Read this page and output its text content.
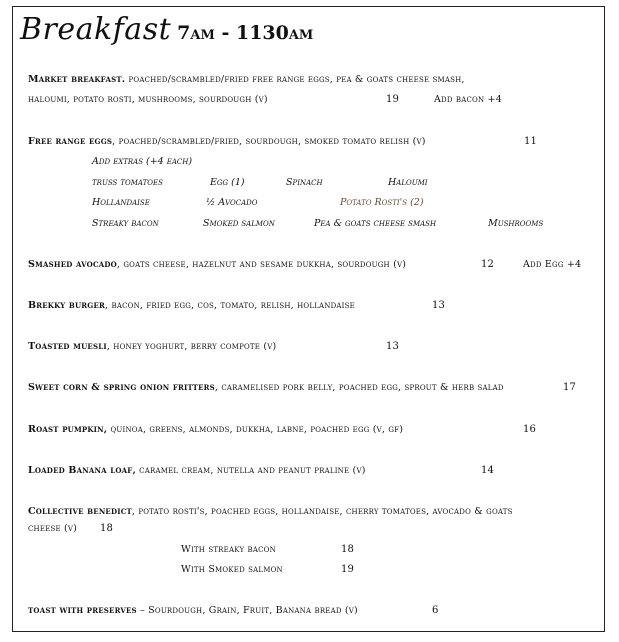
Breakfast 7am - 1130am
Market breakfast. poached/scrambled/fried free range eggs, pea & goats cheese smash,
haloumi, potato rosti, mushrooms, sourdough (v)	19	Add bacon +4
Free range eggs, poached/scrambled/fried, sourdough, smoked tomato relish (v)	11
Add extras (+4 each)
truss tomatoes	Egg (1)	Spinach	Haloumi
Hollandaise	½ Avocado	Potato Rosti's (2)
Streaky bacon	Smoked salmon	Pea & goats cheese smash	Mushrooms
Smashed avocado, goats cheese, hazelnut and sesame dukkha, sourdough (v)	12	Add Egg +4
Brekky burger, bacon, fried egg, cos, tomato, relish, hollandaise	13
Toasted muesli, honey yoghurt, berry compote (v)	13
Sweet corn & spring onion fritters, caramelised pork belly, poached egg, sprout & herb salad	17
Roast pumpkin, quinoa, greens, almonds, dukkha, labne, poached egg (v, gf)	16
Loaded Banana loaf, caramel cream, nutella and peanut praline (v)	14
Collective benedict, potato rosti's, poached eggs, hollandaise, cherry tomatoes, avocado & goats
cheese (v) 18
With streaky bacon	18
With Smoked salmon	19
toast with preserves – Sourdough, Grain, Fruit, Banana bread (v)	6
